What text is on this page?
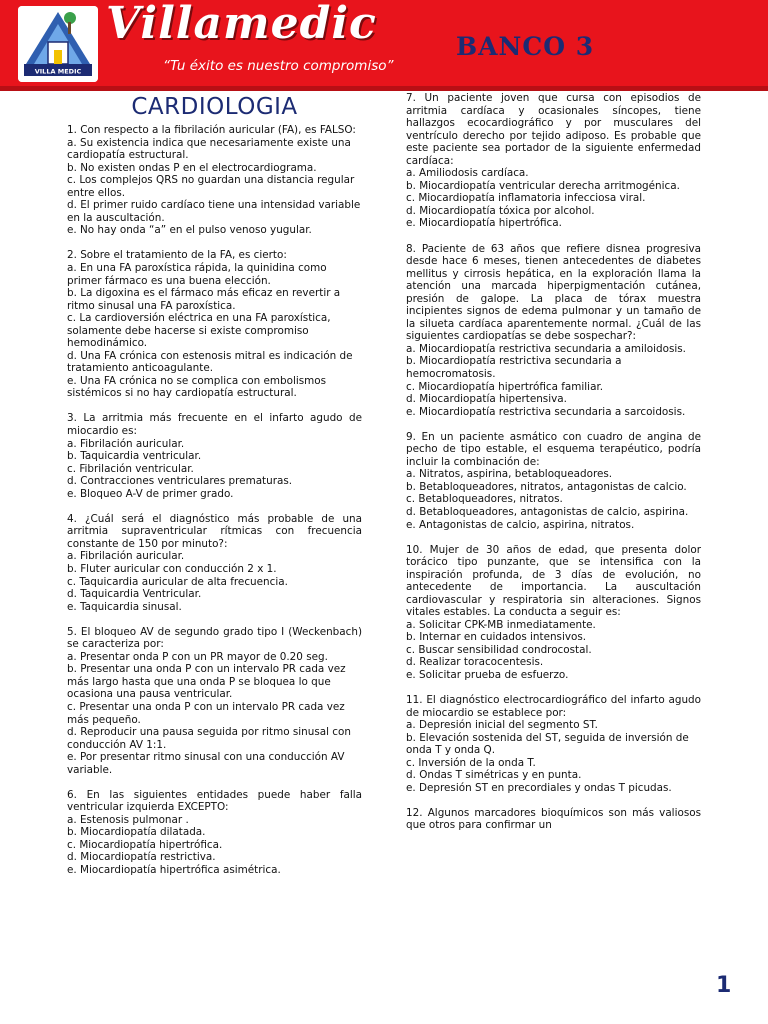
VILLA MEDIC
Villamedic
“Tu éxito es nuestro compromiso”
BANCO 3
CARDIOLOGIA

1. Con respecto a la fibrilación auricular (FA), es FALSO:

a. Su existencia indica que necesariamente existe una cardiopatía estructural.

b. No existen ondas P en el electrocardiograma.

c. Los complejos QRS no guardan una distancia regular entre ellos.

d. El primer ruido cardíaco tiene una intensidad variable en la auscultación.

e. No hay onda “a” en el pulso venoso yugular.

2. Sobre el tratamiento de la FA, es cierto:

a. En una FA paroxística rápida, la quinidina como primer fármaco es una buena elección.

b. La digoxina es el fármaco más eficaz en revertir a ritmo sinusal una FA paroxística.

c. La cardioversión eléctrica en una FA paroxística, solamente debe hacerse si existe compromiso hemodinámico.

d. Una FA crónica con estenosis mitral es indicación de tratamiento anticoagulante.

e. Una FA crónica no se complica con embolismos sistémicos si no hay cardiopatía estructural.

3. La arritmia más frecuente en el infarto agudo de miocardio es:

a. Fibrilación auricular.

b. Taquicardia ventricular.

c. Fibrilación ventricular.

d. Contracciones ventriculares prematuras.

e. Bloqueo A-V de primer grado.

4. ¿Cuál será el diagnóstico más probable de una arritmia supraventricular rítmicas con frecuencia constante de 150 por minuto?:

a. Fibrilación auricular.

b. Fluter auricular con conducción 2 x 1.

c. Taquicardia auricular de alta frecuencia.

d. Taquicardia Ventricular.

e. Taquicardia sinusal.

5. El bloqueo AV de segundo grado tipo I (Weckenbach) se caracteriza por:

a. Presentar onda P con un PR mayor de 0.20 seg.

b. Presentar una onda P con un intervalo PR cada vez más largo hasta que una onda P se bloquea lo que ocasiona una pausa ventricular.

c. Presentar una onda P con un intervalo PR cada vez más pequeño.

d. Reproducir una pausa seguida por ritmo sinusal con conducción AV 1:1.

e. Por presentar ritmo sinusal con una conducción AV variable.

6. En las siguientes entidades puede haber falla ventricular izquierda EXCEPTO:

a. Estenosis pulmonar .

b. Miocardiopatía dilatada.

c. Miocardiopatía hipertrófica.

d. Miocardiopatía restrictiva.

e. Miocardiopatía hipertrófica asimétrica.

7. Un paciente joven que cursa con episodios de arritmia cardíaca y ocasionales síncopes, tiene hallazgos ecocardiográfico y por musculares del ventrículo derecho por tejido adiposo. Es probable que este paciente sea portador de la siguiente enfermedad cardíaca:

a. Amiliodosis cardíaca.

b. Miocardiopatía ventricular derecha arritmogénica.

c. Miocardiopatía inflamatoria infecciosa viral.

d. Miocardiopatía tóxica por alcohol.

e. Miocardiopatía hipertrófica.

8. Paciente de 63 años que refiere disnea progresiva desde hace 6 meses, tienen antecedentes de diabetes mellitus y cirrosis hepática, en la exploración llama la atención una marcada hiperpigmentación cutánea, presión de galope. La placa de tórax muestra incipientes signos de edema pulmonar y un tamaño de la silueta cardíaca aparentemente normal. ¿Cuál de las siguientes cardiopatías se debe sospechar?:

a. Miocardiopatía restrictiva secundaria a amiloidosis.

b. Miocardiopatía restrictiva secundaria a hemocromatosis.

c. Miocardiopatía hipertrófica familiar.

d. Miocardiopatía hipertensiva.

e. Miocardiopatía restrictiva secundaria a sarcoidosis.

9. En un paciente asmático con cuadro de angina de pecho de tipo estable, el esquema terapéutico, podría incluir la combinación de:

a. Nitratos, aspirina, betabloqueadores.

b. Betabloqueadores, nitratos, antagonistas de calcio.

c. Betabloqueadores, nitratos.

d. Betabloqueadores, antagonistas de calcio, aspirina.

e. Antagonistas de calcio, aspirina, nitratos.

10. Mujer de 30 años de edad, que presenta dolor torácico tipo punzante, que se intensifica con la inspiración profunda, de 3 días de evolución, no antecedente de importancia. La auscultación cardiovascular y respiratoria sin alteraciones. Signos vitales estables. La conducta a seguir es:

a. Solicitar CPK-MB inmediatamente.

b. Internar en cuidados intensivos.

c. Buscar sensibilidad condrocostal.

d. Realizar toracocentesis.

e. Solicitar prueba de esfuerzo.

11. El diagnóstico electrocardiográfico del infarto agudo de miocardio se establece por:

a. Depresión inicial del segmento ST.

b. Elevación sostenida del ST, seguida de inversión de onda T y onda Q.

c. Inversión de la onda T.

d. Ondas T simétricas y en punta.

e. Depresión ST en precordiales y ondas T picudas.

12. Algunos marcadores bioquímicos son más valiosos que otros para confirmar un

1
